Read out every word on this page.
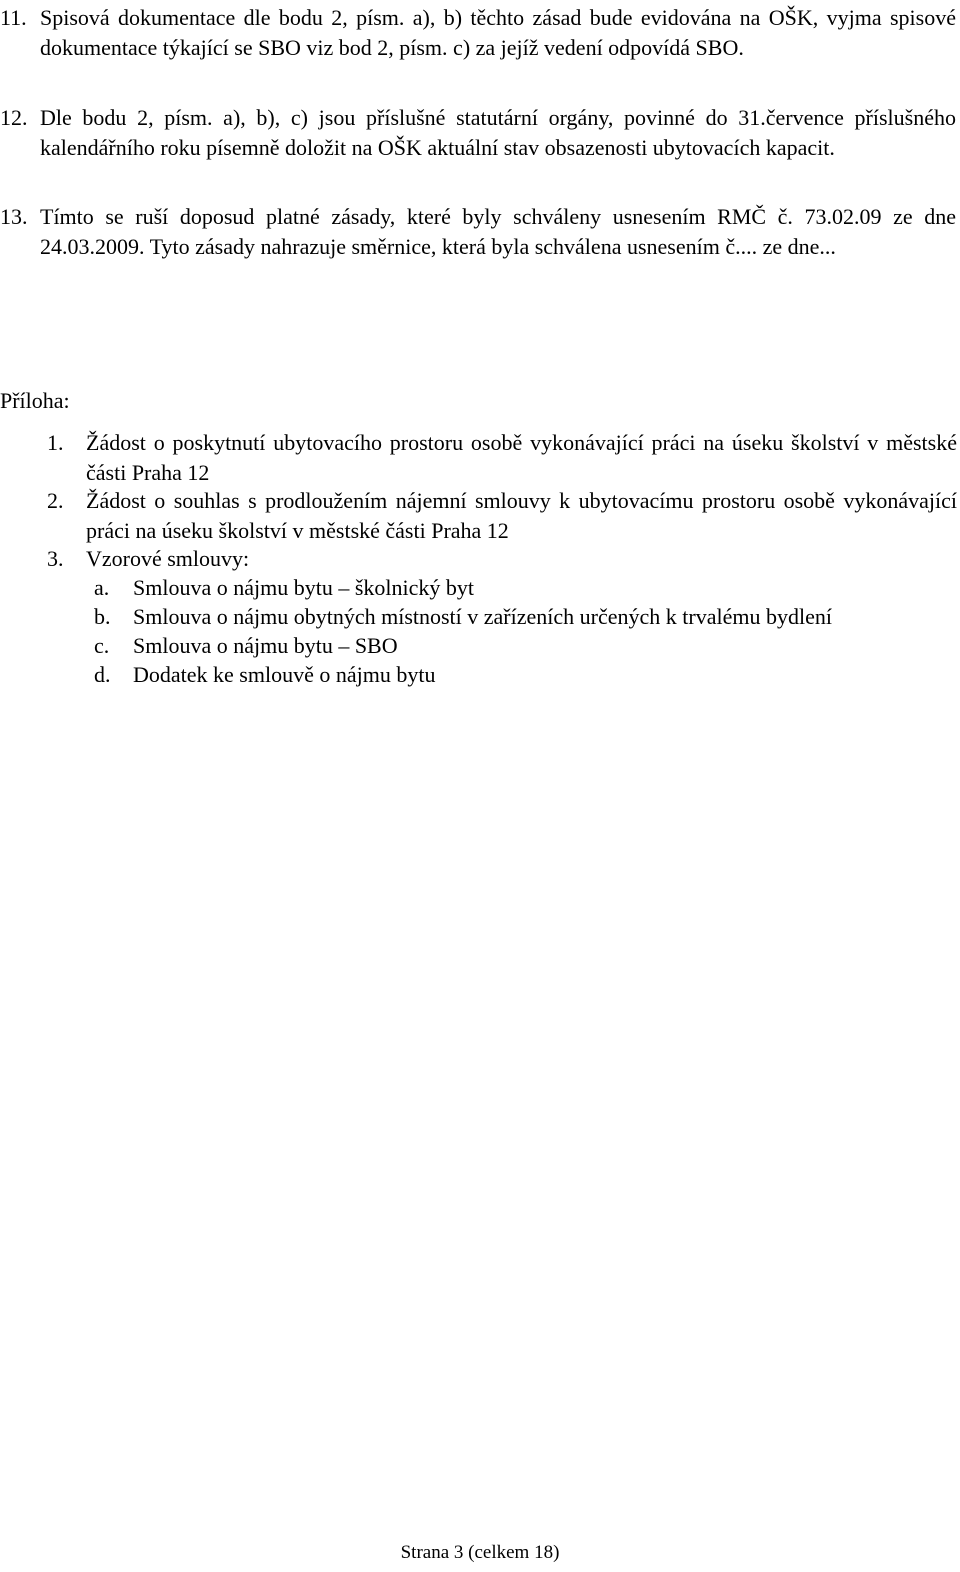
11. Spisová dokumentace dle bodu 2, písm. a), b) těchto zásad bude evidována na OŠK, vyjma spisové dokumentace týkající se SBO viz bod 2, písm. c) za jejíž vedení odpovídá SBO.
12. Dle bodu 2, písm. a), b), c) jsou příslušné statutární orgány, povinné do 31.července příslušného kalendářního roku písemně doložit na OŠK aktuální stav obsazenosti ubytovacích kapacit.
13. Tímto se ruší doposud platné zásady, které byly schváleny usnesením RMČ č. 73.02.09 ze dne 24.03.2009. Tyto zásady nahrazuje směrnice, která byla schválena usnesením č.... ze dne...
Příloha:
1. Žádost o poskytnutí ubytovacího prostoru osobě vykonávající práci na úseku školství v městské části Praha 12
2. Žádost o souhlas s prodloužením nájemní smlouvy k ubytovacímu prostoru osobě vykonávající práci na úseku školství v městské části Praha 12
3. Vzorové smlouvy:
a. Smlouva o nájmu bytu – školnický byt
b. Smlouva o nájmu obytných místností v zařízeních určených k trvalému bydlení
c. Smlouva o nájmu bytu – SBO
d. Dodatek ke smlouvě o nájmu bytu
Strana 3 (celkem 18)
